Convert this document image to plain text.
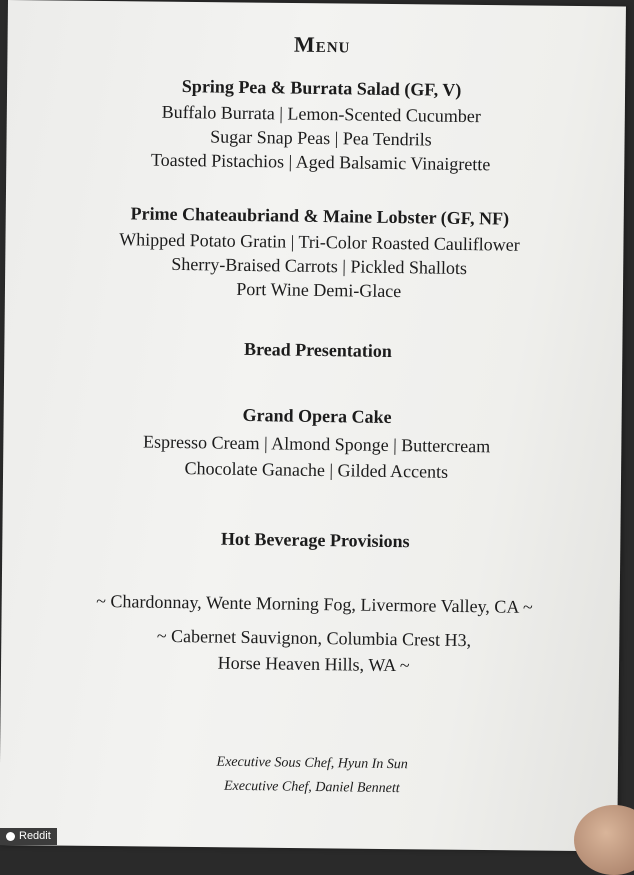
Menu
Spring Pea & Burrata Salad (GF, V)
Buffalo Burrata | Lemon-Scented Cucumber
Sugar Snap Peas | Pea Tendrils
Toasted Pistachios | Aged Balsamic Vinaigrette
Prime Chateaubriand & Maine Lobster (GF, NF)
Whipped Potato Gratin | Tri-Color Roasted Cauliflower
Sherry-Braised Carrots | Pickled Shallots
Port Wine Demi-Glace
Bread Presentation
Grand Opera Cake
Espresso Cream | Almond Sponge | Buttercream
Chocolate Ganache | Gilded Accents
Hot Beverage Provisions
~ Chardonnay, Wente Morning Fog, Livermore Valley, CA ~
~ Cabernet Sauvignon, Columbia Crest H3,
Horse Heaven Hills, WA ~
Executive Sous Chef, Hyun In Sun
Executive Chef, Daniel Bennett
Reddit
